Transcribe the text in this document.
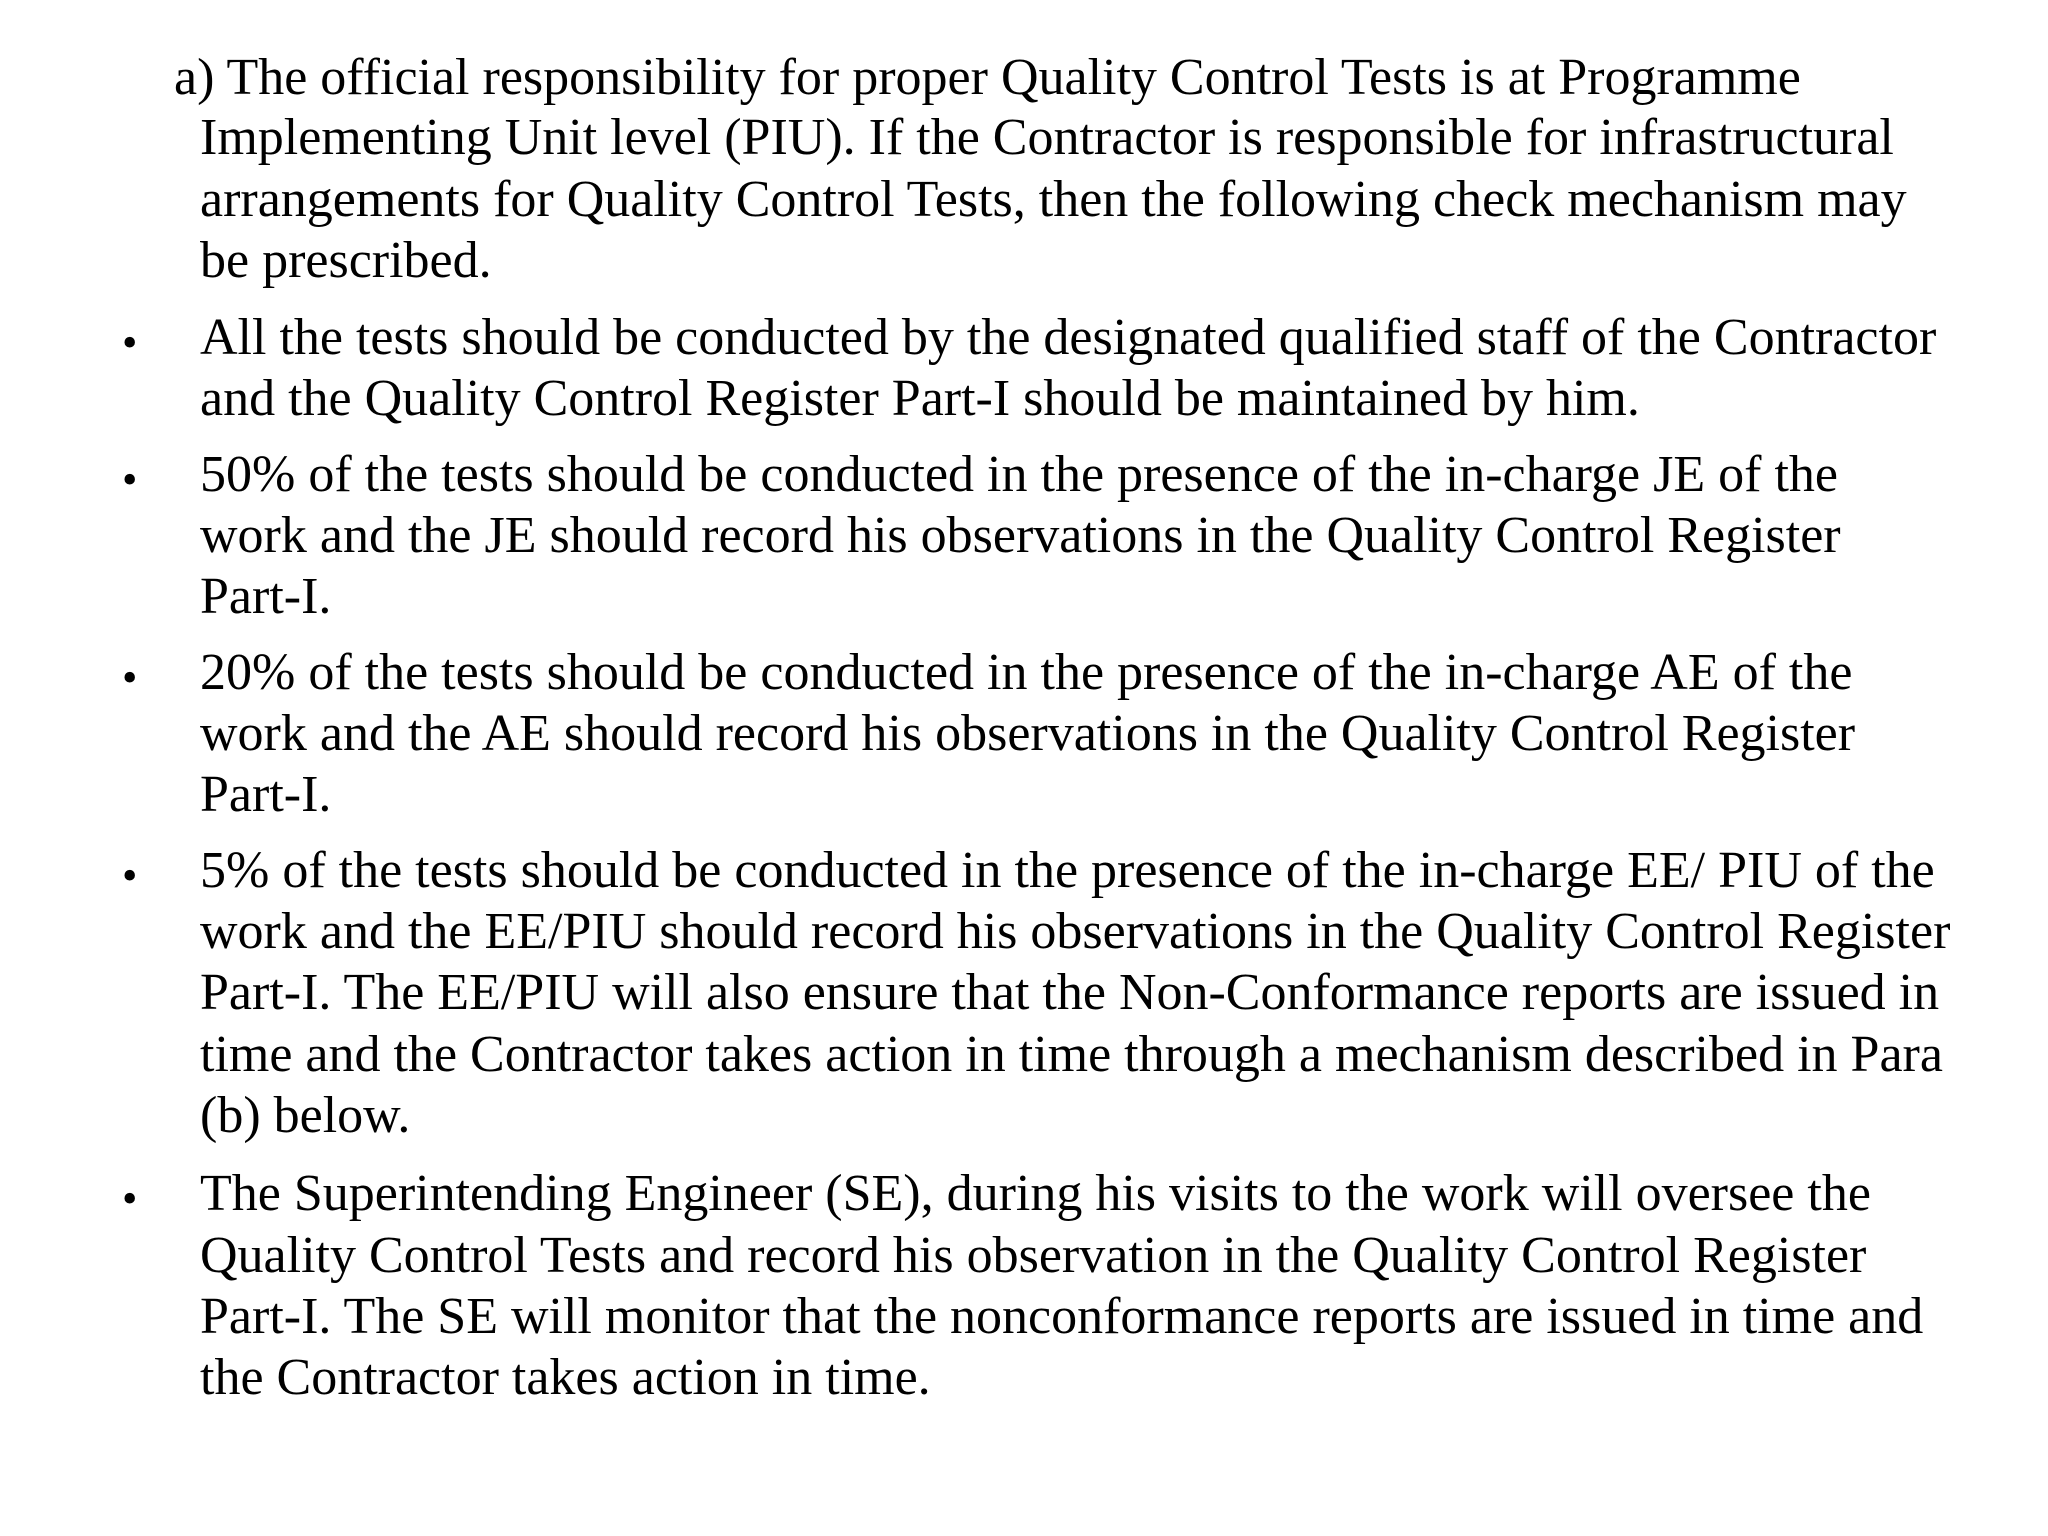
a) The official responsibility for proper Quality Control Tests is at Programme
Implementing Unit level (PIU). If the Contractor is responsible for infrastructural
arrangements for Quality Control Tests, then the following check mechanism may
be prescribed.
• All the tests should be conducted by the designated qualified staff of the Contractor
and the Quality Control Register Part-I should be maintained by him.
• 50% of the tests should be conducted in the presence of the in-charge JE of the
work and the JE should record his observations in the Quality Control Register
Part-I.
• 20% of the tests should be conducted in the presence of the in-charge AE of the
work and the AE should record his observations in the Quality Control Register
Part-I.
• 5% of the tests should be conducted in the presence of the in-charge EE/ PIU of the
work and the EE/PIU should record his observations in the Quality Control Register
Part-I. The EE/PIU will also ensure that the Non-Conformance reports are issued in
time and the Contractor takes action in time through a mechanism described in Para
(b) below.
• The Superintending Engineer (SE), during his visits to the work will oversee the
Quality Control Tests and record his observation in the Quality Control Register
Part-I. The SE will monitor that the nonconformance reports are issued in time and
the Contractor takes action in time.
